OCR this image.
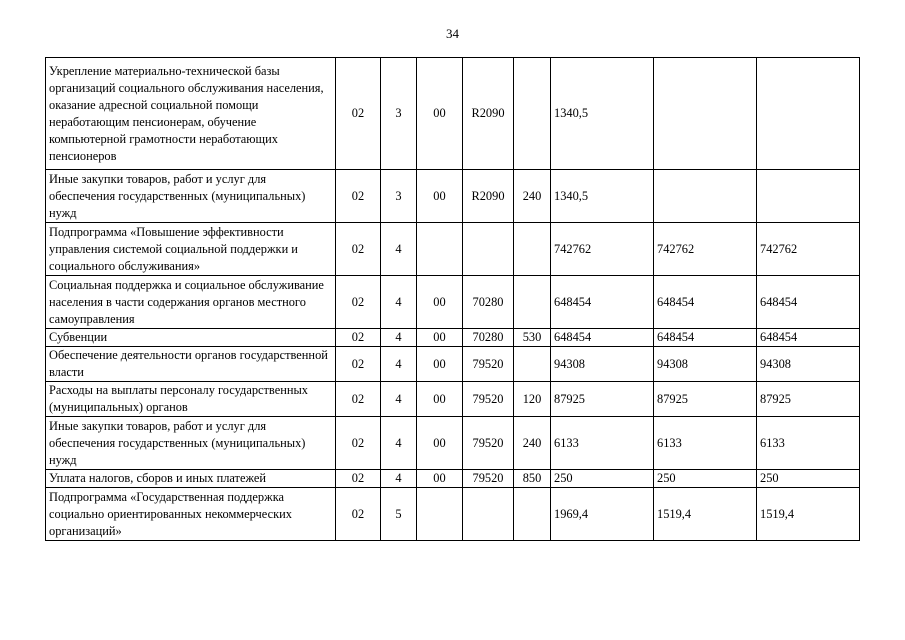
34
Укрепление материально-технической базы организаций социального обслуживания населения, оказание адресной социальной помощи неработающим пенсионерам, обучение компьютерной грамотности неработающих пенсионеров	02	3	00	R2090		1340,5		
Иные закупки товаров, работ и услуг для обеспечения государственных (муниципальных) нужд	02	3	00	R2090	240	1340,5		
Подпрограмма «Повышение эффективности управления системой социальной поддержки и социального обслуживания»	02	4				742762	742762	742762
Социальная поддержка и социальное обслуживание населения в части содержания органов местного самоуправления	02	4	00	70280		648454	648454	648454
Субвенции	02	4	00	70280	530	648454	648454	648454
Обеспечение деятельности органов государственной власти	02	4	00	79520		94308	94308	94308
Расходы на выплаты персоналу государственных (муниципальных) органов	02	4	00	79520	120	87925	87925	87925
Иные закупки товаров, работ и услуг для обеспечения государственных (муниципальных) нужд	02	4	00	79520	240	6133	6133	6133
Уплата налогов, сборов и иных платежей	02	4	00	79520	850	250	250	250
Подпрограмма «Государственная поддержка социально ориентированных некоммерческих организаций»	02	5				1969,4	1519,4	1519,4
